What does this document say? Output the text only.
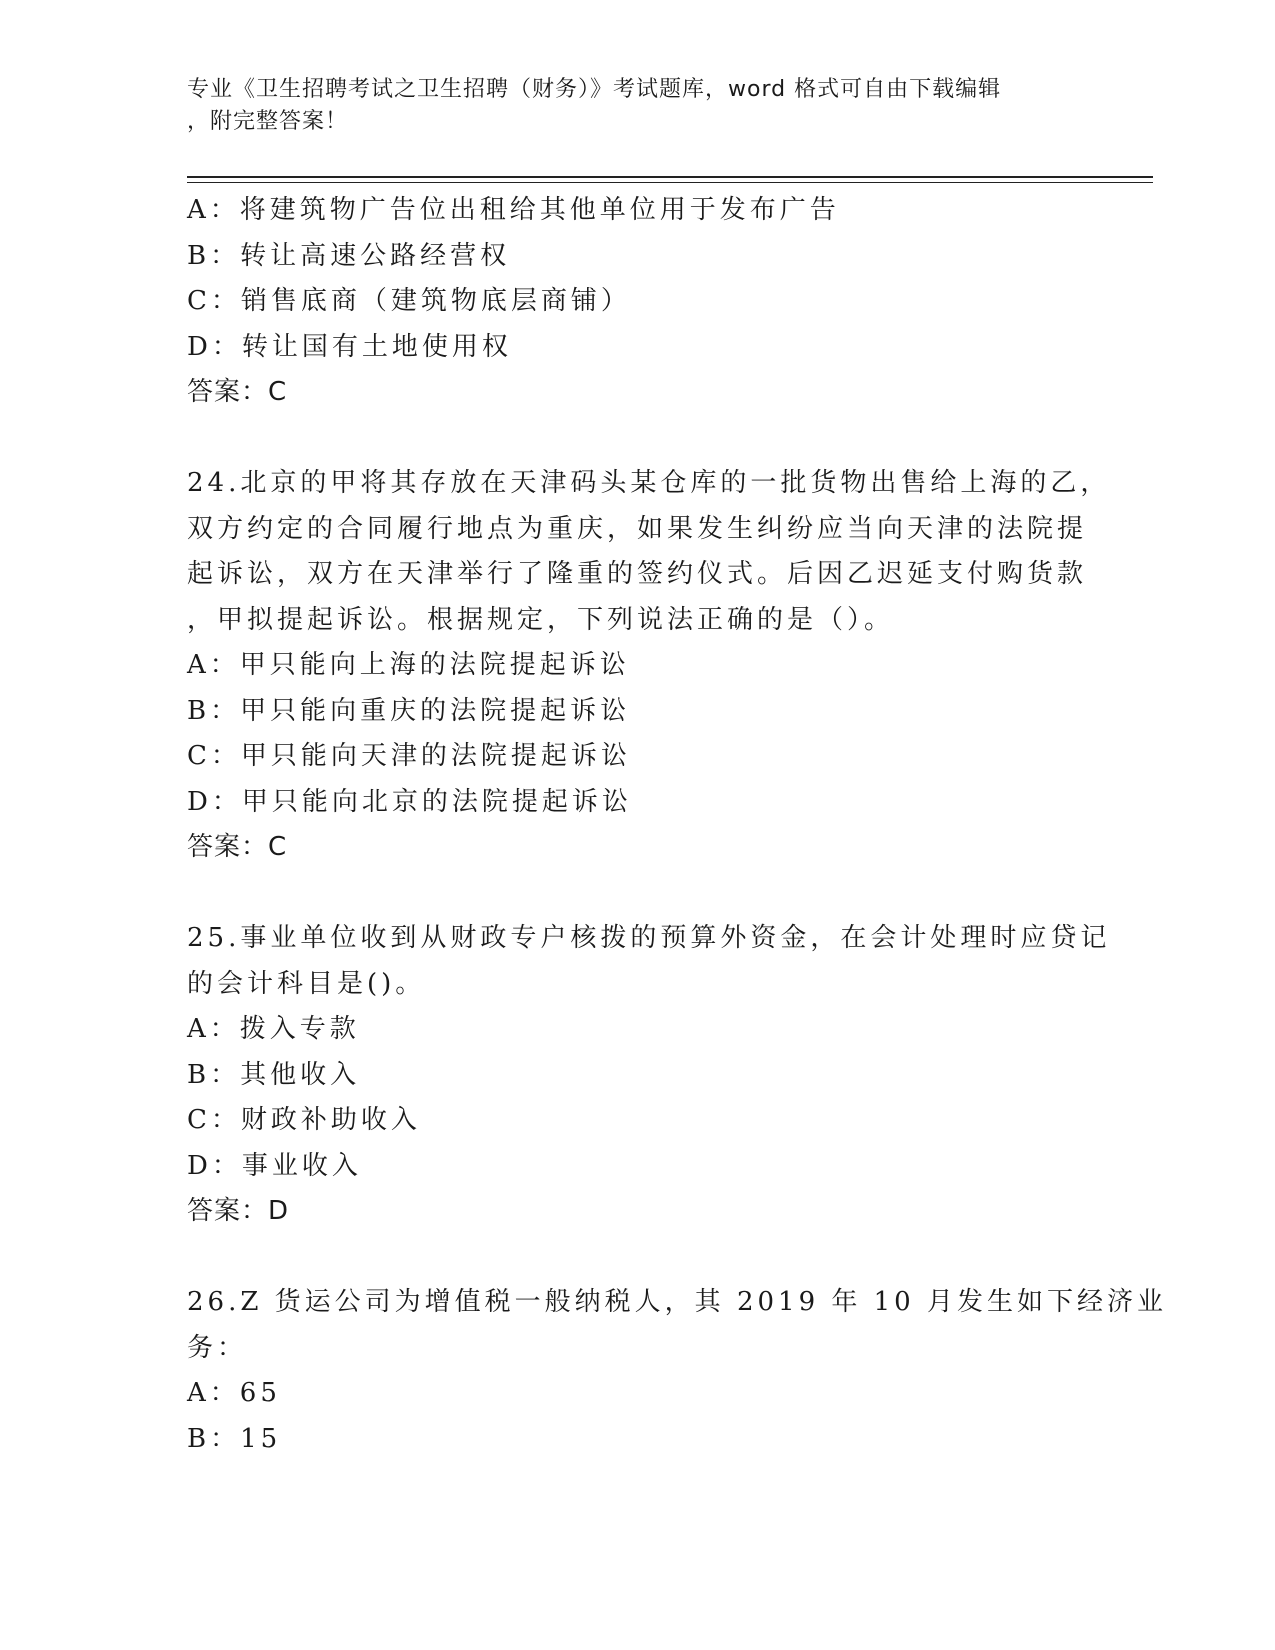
专业《卫生招聘考试之卫生招聘（财务）》考试题库，word 格式可自由下载编辑
，附完整答案！
A：将建筑物广告位出租给其他单位用于发布广告
B：转让高速公路经营权
C：销售底商（建筑物底层商铺）
D：转让国有土地使用权
答案：C
24.北京的甲将其存放在天津码头某仓库的一批货物出售给上海的乙，
双方约定的合同履行地点为重庆，如果发生纠纷应当向天津的法院提
起诉讼，双方在天津举行了隆重的签约仪式。后因乙迟延支付购货款
，甲拟提起诉讼。根据规定，下列说法正确的是（）。
A：甲只能向上海的法院提起诉讼
B：甲只能向重庆的法院提起诉讼
C：甲只能向天津的法院提起诉讼
D：甲只能向北京的法院提起诉讼
答案：C
25.事业单位收到从财政专户核拨的预算外资金，在会计处理时应贷记
的会计科目是()。
A：拨入专款
B：其他收入
C：财政补助收入
D：事业收入
答案：D
26.Z 货运公司为增值税一般纳税人，其 2019 年 10 月发生如下经济业
务：
A：65
B：15
